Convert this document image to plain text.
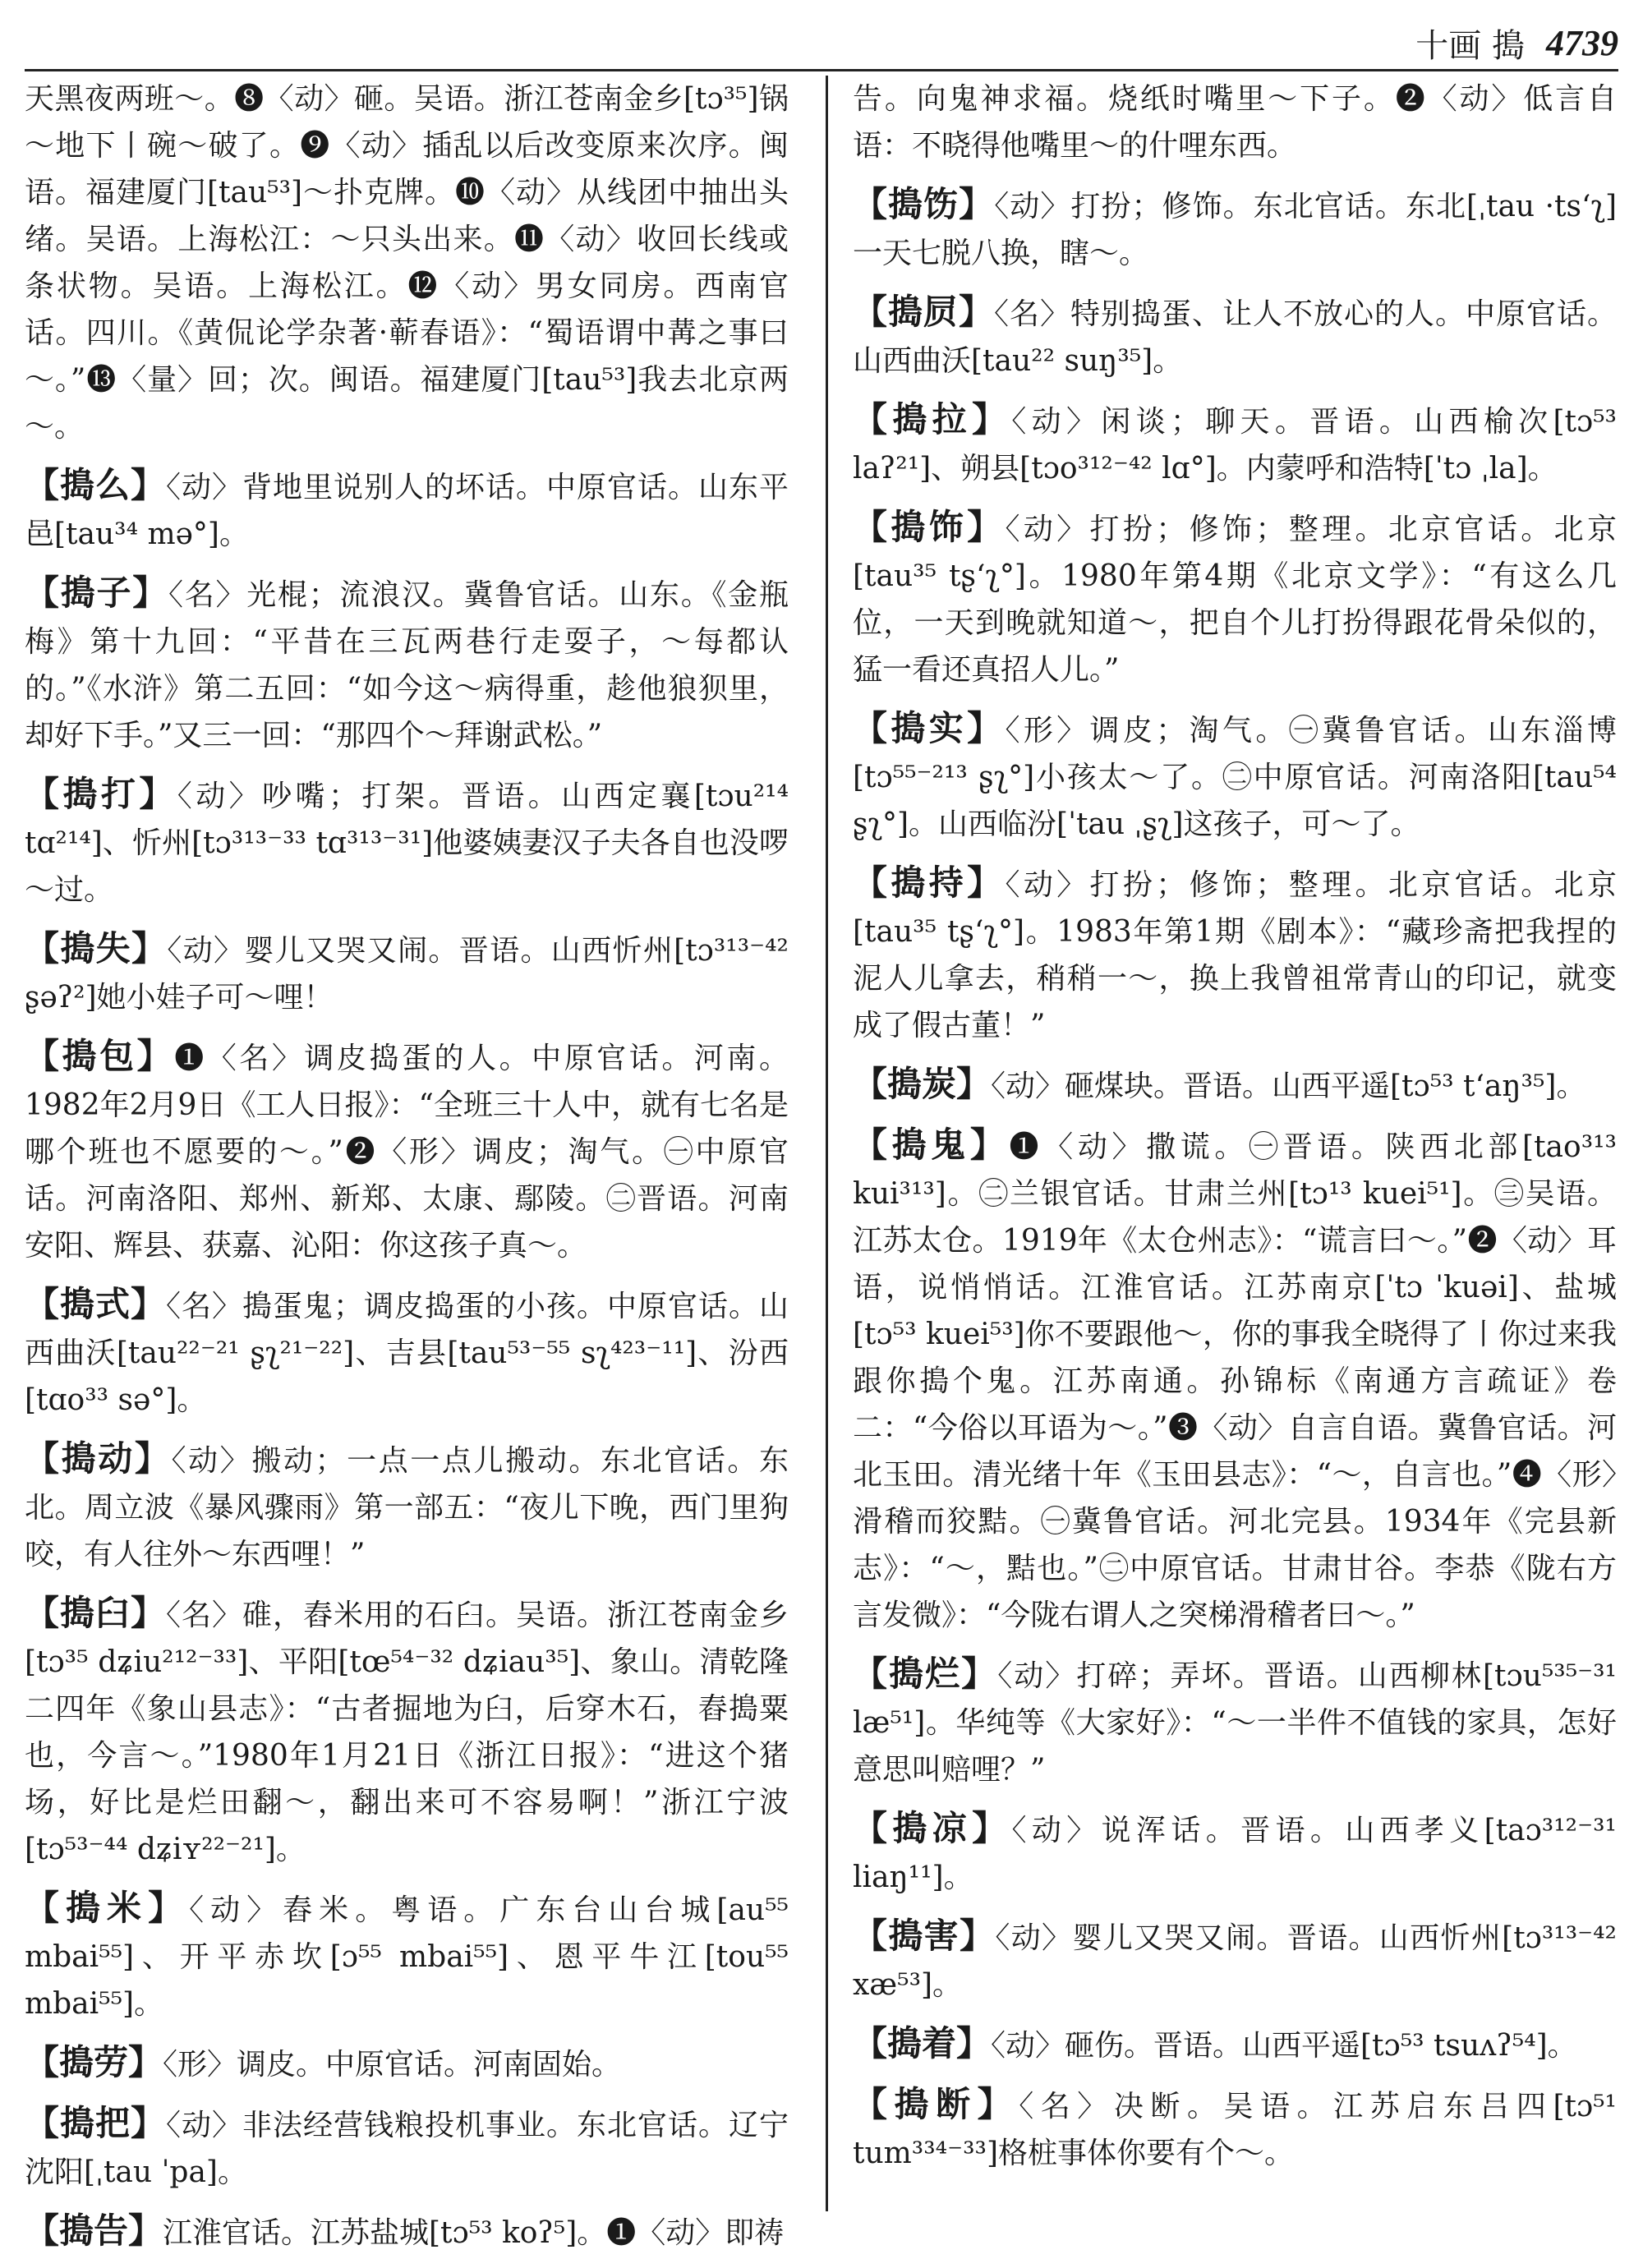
十画 搗 4739

天黑夜两班～。❽〈动〉砸。吴语。浙江苍南金乡[tɔ³⁵]锅～地下丨碗～破了。❾〈动〉插乱以后改变原来次序。闽语。福建厦门[tau⁵³]～扑克牌。❿〈动〉从线团中抽出头绪。吴语。上海松江：～只头出来。⓫〈动〉收回长线或条状物。吴语。上海松江。⓬〈动〉男女同房。西南官话。四川。《黄侃论学杂著·蕲春语》：“蜀语谓中冓之事曰～。”⓭〈量〉回；次。闽语。福建厦门[tau⁵³]我去北京两～。

【搗么】〈动〉背地里说别人的坏话。中原官话。山东平邑[tau³⁴ mə°]。

【搗子】〈名〉光棍；流浪汉。冀鲁官话。山东。《金瓶梅》第十九回：“平昔在三瓦两巷行走耍子，～每都认的。”《水浒》第二五回：“如今这～病得重，趁他狼狈里，却好下手。”又三一回：“那四个～拜谢武松。”

【搗打】〈动〉吵嘴；打架。晋语。山西定襄[tɔu²¹⁴ tɑ²¹⁴]、忻州[tɔ³¹³⁻³³ tɑ³¹³⁻³¹]他婆姨妻汉子夫各自也没啰～过。

【搗失】〈动〉婴儿又哭又闹。晋语。山西忻州[tɔ³¹³⁻⁴² ʂəʔ²]她小娃子可～哩！

【搗包】❶〈名〉调皮捣蛋的人。中原官话。河南。1982年2月9日《工人日报》：“全班三十人中，就有七名是哪个班也不愿要的～。”❷〈形〉调皮；淘气。㊀中原官话。河南洛阳、郑州、新郑、太康、鄢陵。㊁晋语。河南安阳、辉县、获嘉、沁阳：你这孩子真～。

【搗式】〈名〉搗蛋鬼；调皮捣蛋的小孩。中原官话。山西曲沃[tau²²⁻²¹ ʂʅ²¹⁻²²]、吉县[tau⁵³⁻⁵⁵ sʅ⁴²³⁻¹¹]、汾西[tɑo³³ sə°]。

【搗动】〈动〉搬动；一点一点儿搬动。东北官话。东北。周立波《暴风骤雨》第一部五：“夜儿下晚，西门里狗咬，有人往外～东西哩！”

【搗臼】〈名〉碓，舂米用的石臼。吴语。浙江苍南金乡[tɔ³⁵ dʑiu²¹²⁻³³]、平阳[tœ⁵⁴⁻³² dʑiau³⁵]、象山。清乾隆二四年《象山县志》：“古者掘地为臼，后穿木石，舂搗粟也，今言～。”1980年1月21日《浙江日报》：“进这个猪场，好比是烂田翻～，翻出来可不容易啊！”浙江宁波[tɔ⁵³⁻⁴⁴ dʑiʏ²²⁻²¹]。

【搗米】〈动〉舂米。粤语。广东台山台城[au⁵⁵ mbai⁵⁵]、开平赤坎[ɔ⁵⁵ mbai⁵⁵]、恩平牛江[tou⁵⁵ mbai⁵⁵]。

【搗劳】〈形〉调皮。中原官话。河南固始。

【搗把】〈动〉非法经营钱粮投机事业。东北官话。辽宁沈阳[ˌtau ˈpa]。

【搗告】江淮官话。江苏盐城[tɔ⁵³ koʔ⁵]。❶〈动〉即祷

告。向鬼神求福。烧纸时嘴里～下子。❷〈动〉低言自语：不晓得他嘴里～的什哩东西。

【搗饬】〈动〉打扮；修饰。东北官话。东北[ˌtau ·tsʻʅ]一天七脱八换，瞎～。

【搗屃】〈名〉特别捣蛋、让人不放心的人。中原官话。山西曲沃[tau²² suŋ³⁵]。

【搗拉】〈动〉闲谈；聊天。晋语。山西榆次[tɔ⁵³ laʔ²¹]、朔县[tɔo³¹²⁻⁴² lɑ°]。内蒙呼和浩特[ˈtɔ ˌla]。

【搗饰】〈动〉打扮；修饰；整理。北京官话。北京[tau³⁵ tʂʻʅ°]。1980年第4期《北京文学》：“有这么几位，一天到晚就知道～，把自个儿打扮得跟花骨朵似的，猛一看还真招人儿。”

【搗实】〈形〉调皮；淘气。㊀冀鲁官话。山东淄博[tɔ⁵⁵⁻²¹³ ʂʅ°]小孩太～了。㊁中原官话。河南洛阳[tau⁵⁴ ʂʅ°]。山西临汾[ˈtau ˌʂʅ]这孩子，可～了。

【搗持】〈动〉打扮；修饰；整理。北京官话。北京[tau³⁵ tʂʻʅ°]。1983年第1期《剧本》：“藏珍斋把我捏的泥人儿拿去，稍稍一～，换上我曾祖常青山的印记，就变成了假古董！”

【搗炭】〈动〉砸煤块。晋语。山西平遥[tɔ⁵³ tʻaŋ³⁵]。

【搗鬼】❶〈动〉撒谎。㊀晋语。陕西北部[tao³¹³ kui³¹³]。㊁兰银官话。甘肃兰州[tɔ¹³ kuei⁵¹]。㊂吴语。江苏太仓。1919年《太仓州志》：“谎言曰～。”❷〈动〉耳语，说悄悄话。江淮官话。江苏南京[ˈtɔ ˈkuəi]、盐城[tɔ⁵³ kuei⁵³]你不要跟他～，你的事我全晓得了丨你过来我跟你搗个鬼。江苏南通。孙锦标《南通方言疏证》卷二：“今俗以耳语为～。”❸〈动〉自言自语。冀鲁官话。河北玉田。清光绪十年《玉田县志》：“～，自言也。”❹〈形〉滑稽而狡黠。㊀冀鲁官话。河北完县。1934年《完县新志》：“～，黠也。”㊁中原官话。甘肃甘谷。李恭《陇右方言发微》：“今陇右谓人之突梯滑稽者曰～。”

【搗烂】〈动〉打碎；弄坏。晋语。山西柳林[tɔu⁵³⁵⁻³¹ læ⁵¹]。华纯等《大家好》：“～一半件不值钱的家具，怎好意思叫赔哩？”

【搗凉】〈动〉说浑话。晋语。山西孝义[taɔ³¹²⁻³¹ liaŋ¹¹]。

【搗害】〈动〉婴儿又哭又闹。晋语。山西忻州[tɔ³¹³⁻⁴² xæ⁵³]。

【搗着】〈动〉砸伤。晋语。山西平遥[tɔ⁵³ tsuʌʔ⁵⁴]。

【搗断】〈名〉决断。吴语。江苏启东吕四[tɔ⁵¹ tum³³⁴⁻³³]格桩事体你要有个～。
